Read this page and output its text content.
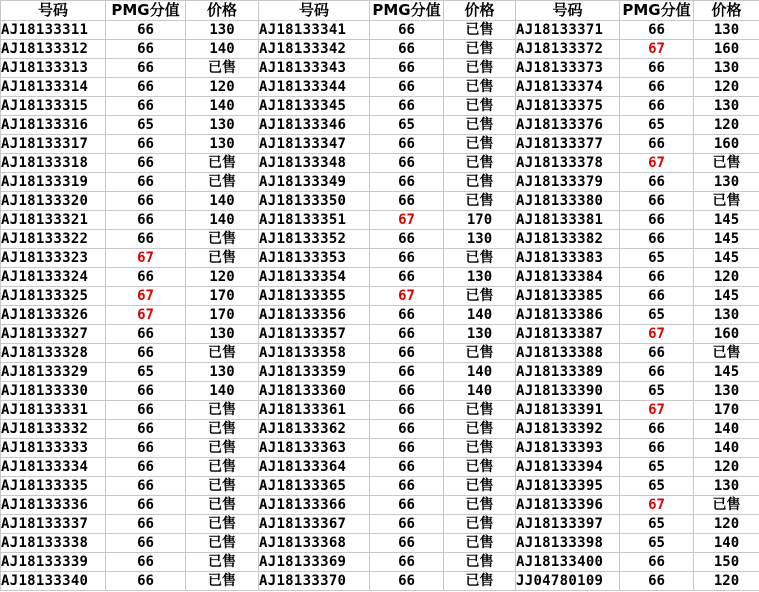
号码	PMG分值	价格	号码	PMG分值	价格	号码	PMG分值	价格
AJ18133311	66	130	AJ18133341	66	已售	AJ18133371	66	130
AJ18133312	66	140	AJ18133342	66	已售	AJ18133372	67	160
AJ18133313	66	已售	AJ18133343	66	已售	AJ18133373	66	130
AJ18133314	66	120	AJ18133344	66	已售	AJ18133374	66	120
AJ18133315	66	140	AJ18133345	66	已售	AJ18133375	66	130
AJ18133316	65	130	AJ18133346	65	已售	AJ18133376	65	120
AJ18133317	66	130	AJ18133347	66	已售	AJ18133377	66	160
AJ18133318	66	已售	AJ18133348	66	已售	AJ18133378	67	已售
AJ18133319	66	已售	AJ18133349	66	已售	AJ18133379	66	130
AJ18133320	66	140	AJ18133350	66	已售	AJ18133380	66	已售
AJ18133321	66	140	AJ18133351	67	170	AJ18133381	66	145
AJ18133322	66	已售	AJ18133352	66	130	AJ18133382	66	145
AJ18133323	67	已售	AJ18133353	66	已售	AJ18133383	65	145
AJ18133324	66	120	AJ18133354	66	130	AJ18133384	66	120
AJ18133325	67	170	AJ18133355	67	已售	AJ18133385	66	145
AJ18133326	67	170	AJ18133356	66	140	AJ18133386	65	130
AJ18133327	66	130	AJ18133357	66	130	AJ18133387	67	160
AJ18133328	66	已售	AJ18133358	66	已售	AJ18133388	66	已售
AJ18133329	65	130	AJ18133359	66	140	AJ18133389	66	145
AJ18133330	66	140	AJ18133360	66	140	AJ18133390	65	130
AJ18133331	66	已售	AJ18133361	66	已售	AJ18133391	67	170
AJ18133332	66	已售	AJ18133362	66	已售	AJ18133392	66	140
AJ18133333	66	已售	AJ18133363	66	已售	AJ18133393	66	140
AJ18133334	66	已售	AJ18133364	66	已售	AJ18133394	65	120
AJ18133335	66	已售	AJ18133365	66	已售	AJ18133395	65	130
AJ18133336	66	已售	AJ18133366	66	已售	AJ18133396	67	已售
AJ18133337	66	已售	AJ18133367	66	已售	AJ18133397	65	120
AJ18133338	66	已售	AJ18133368	66	已售	AJ18133398	65	140
AJ18133339	66	已售	AJ18133369	66	已售	AJ18133400	66	150
AJ18133340	66	已售	AJ18133370	66	已售	JJ04780109	66	120
